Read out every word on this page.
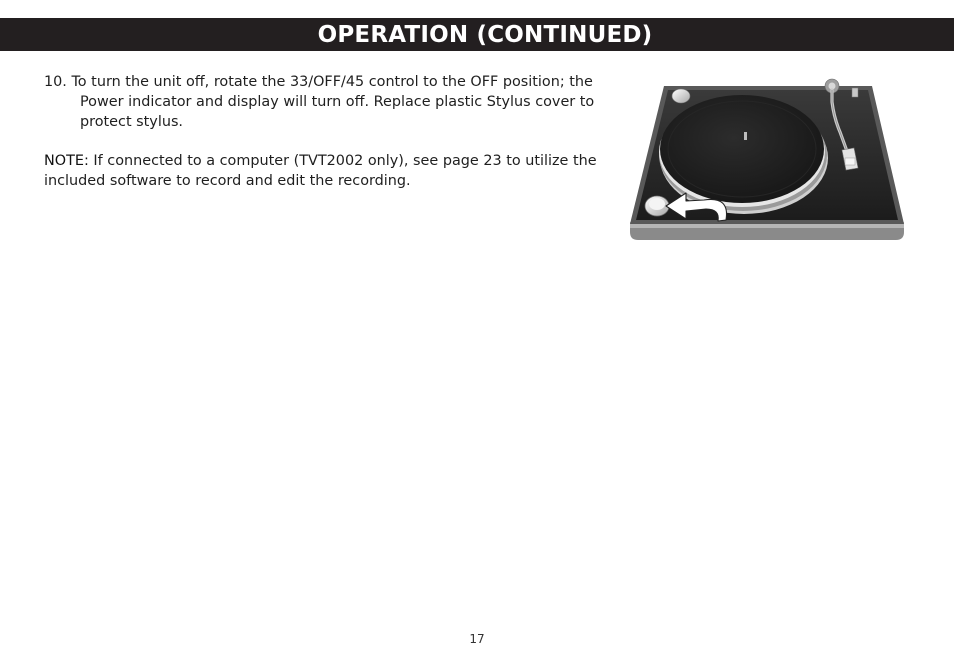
OPERATION (CONTINUED)

10. To turn the unit off, rotate the 33/OFF/45 control to the OFF position; the Power indicator and display will turn off. Replace plastic Stylus cover to protect stylus.

NOTE: If connected to a computer (TVT2002 only), see page 23 to utilize the included software to record and edit the recording.

17
